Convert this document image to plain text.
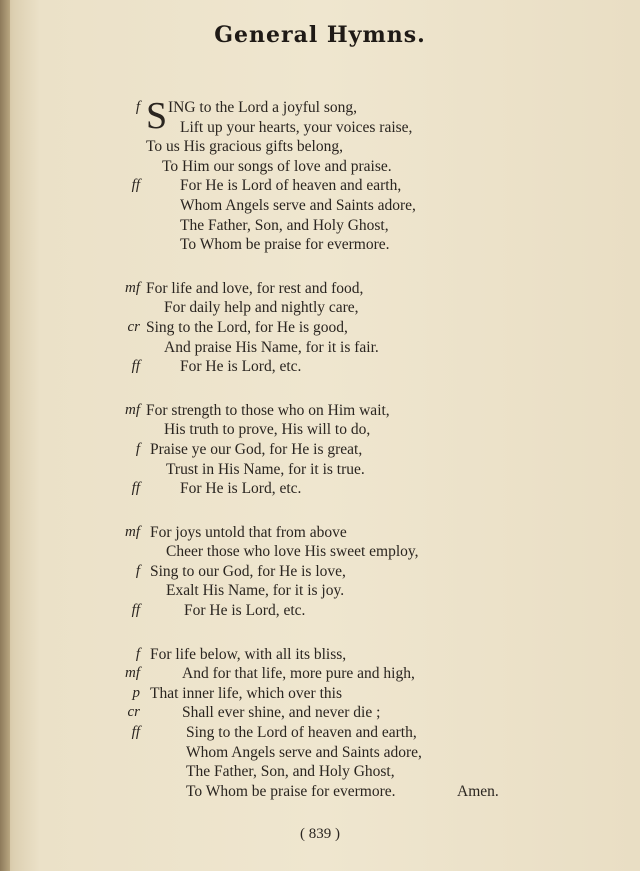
General Hymns.
f S ING to the Lord a joyful song,
Lift up your hearts, your voices raise,
To us His gracious gifts belong,
To Him our songs of love and praise.
ff	For He is Lord of heaven and earth,
Whom Angels serve and Saints adore,
The Father, Son, and Holy Ghost,
To Whom be praise for evermore.
mf For life and love, for rest and food,
For daily help and nightly care,
cr Sing to the Lord, for He is good,
And praise His Name, for it is fair.
ff	For He is Lord, etc.
mf For strength to those who on Him wait,
His truth to prove, His will to do,
f Praise ye our God, for He is great,
Trust in His Name, for it is true.
ff	For He is Lord, etc.
mf For joys untold that from above
Cheer those who love His sweet employ,
f Sing to our God, for He is love,
Exalt His Name, for it is joy.
ff	For He is Lord, etc.
f For life below, with all its bliss,
mf	And for that life, more pure and high,
p That inner life, which over this
cr	Shall ever shine, and never die ;
ff	Sing to the Lord of heaven and earth,
Whom Angels serve and Saints adore,
The Father, Son, and Holy Ghost,
To Whom be praise for evermore.	Amen.
( 839 )
